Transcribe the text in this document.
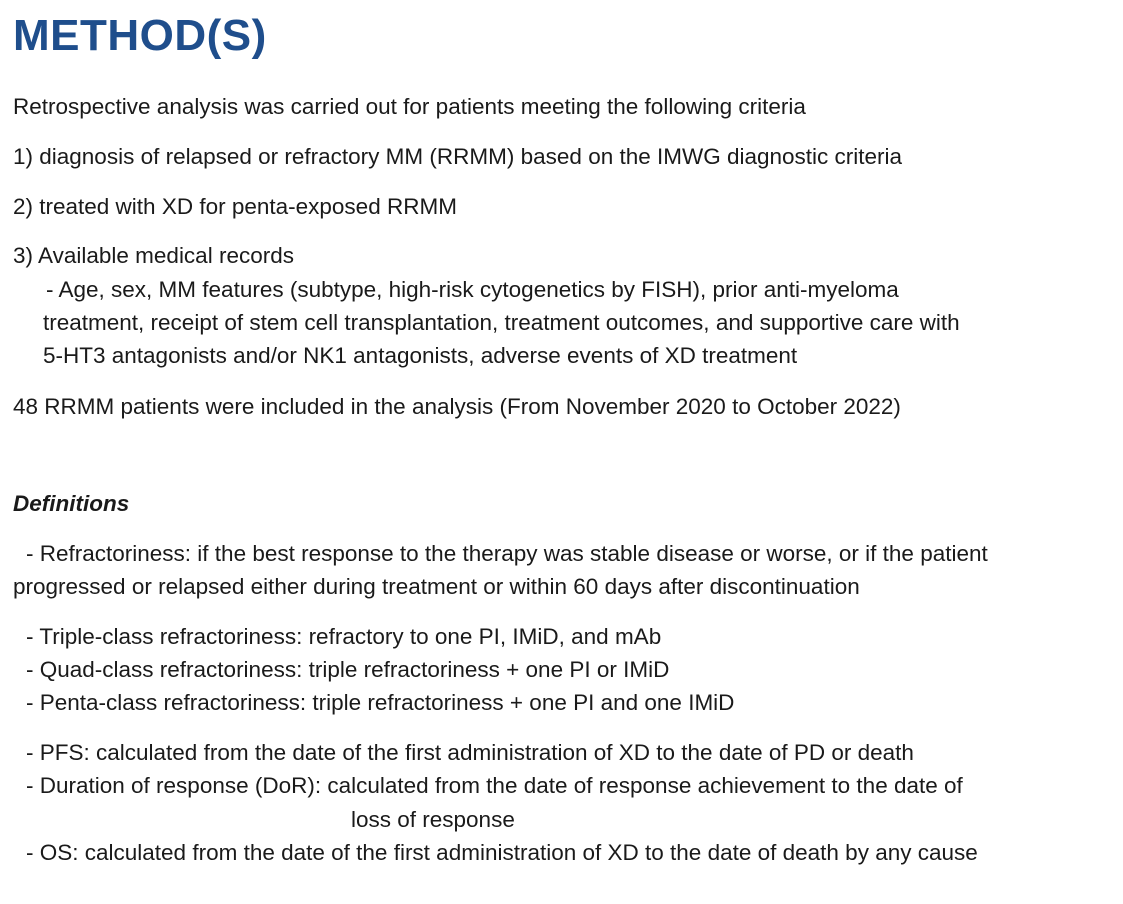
METHOD(S)
Retrospective analysis was carried out for patients meeting the following criteria
1) diagnosis of relapsed or refractory MM (RRMM) based on the IMWG diagnostic criteria
2) treated with XD for penta-exposed RRMM
3) Available medical records
- Age, sex, MM features (subtype, high-risk cytogenetics by FISH), prior anti-myeloma
treatment, receipt of stem cell transplantation, treatment outcomes, and supportive care with
5-HT3 antagonists and/or NK1 antagonists, adverse events of XD treatment
48 RRMM patients were included in the analysis (From November 2020 to October 2022)
Definitions
- Refractoriness: if the best response to the therapy was stable disease or worse, or if the patient
progressed or relapsed either during treatment or within 60 days after discontinuation
- Triple-class refractoriness: refractory to one PI, IMiD, and mAb
- Quad-class refractoriness: triple refractoriness + one PI or IMiD
- Penta-class refractoriness: triple refractoriness + one PI and one IMiD
- PFS: calculated from the date of the first administration of XD to the date of PD or death
- Duration of response (DoR): calculated from the date of response achievement to the date of
loss of response
- OS: calculated from the date of the first administration of XD to the date of death by any cause
